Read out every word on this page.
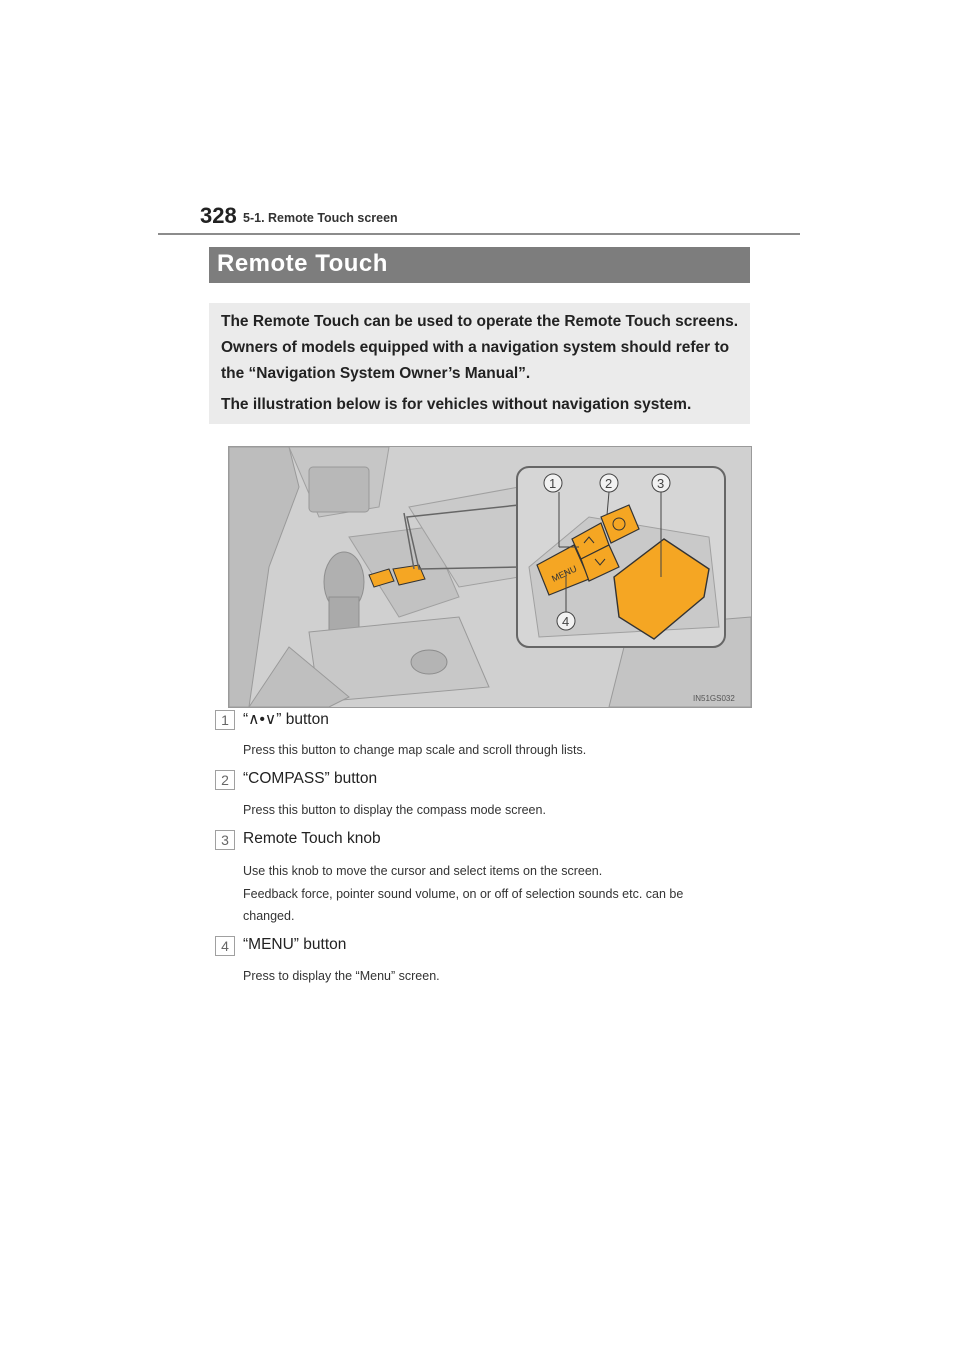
328 5-1. Remote Touch screen
Remote Touch
The Remote Touch can be used to operate the Remote Touch screens.
Owners of models equipped with a navigation system should refer to
the “Navigation System Owner’s Manual”.
The illustration below is for vehicles without navigation system.
MENU
1	2	3
4
IN51GS032
1 “∧•∨” button
Press this button to change map scale and scroll through lists.
2 “COMPASS” button
Press this button to display the compass mode screen.
3 Remote Touch knob
Use this knob to move the cursor and select items on the screen.
Feedback force, pointer sound volume, on or off of selection sounds etc. can be
changed.
4 “MENU” button
Press to display the “Menu” screen.
